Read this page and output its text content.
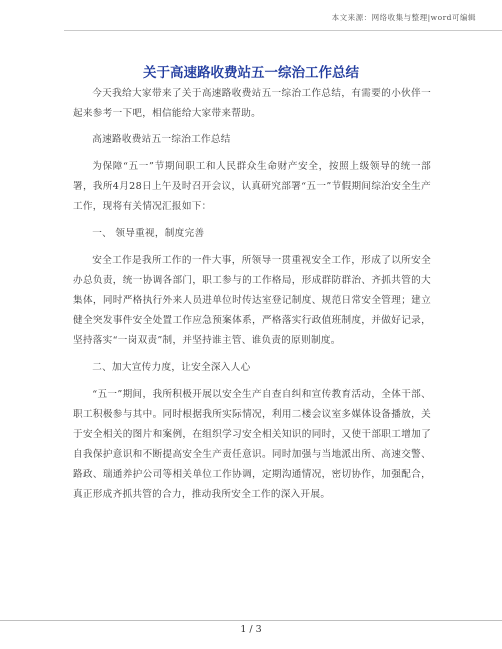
本文来源：网络收集与整理|word可编辑
关于高速路收费站五一综治工作总结

今天我给大家带来了关于高速路收费站五一综治工作总结，有需要的小伙伴一起来参考一下吧，相信能给大家带来帮助。

高速路收费站五一综治工作总结

为保障“五一”节期间职工和人民群众生命财产安全，按照上级领导的统一部署，我所4月28日上午及时召开会议，认真研究部署“五一”节假期间综治安全生产工作，现将有关情况汇报如下：

一、 领导重视，制度完善

安全工作是我所工作的一件大事，所领导一贯重视安全工作，形成了以所安全办总负责，统一协调各部门，职工参与的工作格局，形成群防群治、齐抓共管的大集体，同时严格执行外来人员进单位时传达室登记制度、规范日常安全管理；建立健全突发事件安全处置工作应急预案体系，严格落实行政值班制度，并做好记录，坚持落实“一岗双责”制，并坚持谁主管、谁负责的原则制度。

二、加大宣传力度，让安全深入人心

“五一”期间，我所积极开展以安全生产自查自纠和宣传教育活动，全体干部、职工积极参与其中。同时根据我所实际情况，利用二楼会议室多媒体设备播放，关于安全相关的图片和案例，在组织学习安全相关知识的同时，又使干部职工增加了自我保护意识和不断提高安全生产责任意识。同时加强与当地派出所、高速交警、路政、瑞通养护公司等相关单位工作协调，定期沟通情况，密切协作，加强配合，真正形成齐抓共管的合力，推动我所安全工作的深入开展。

1 / 3
